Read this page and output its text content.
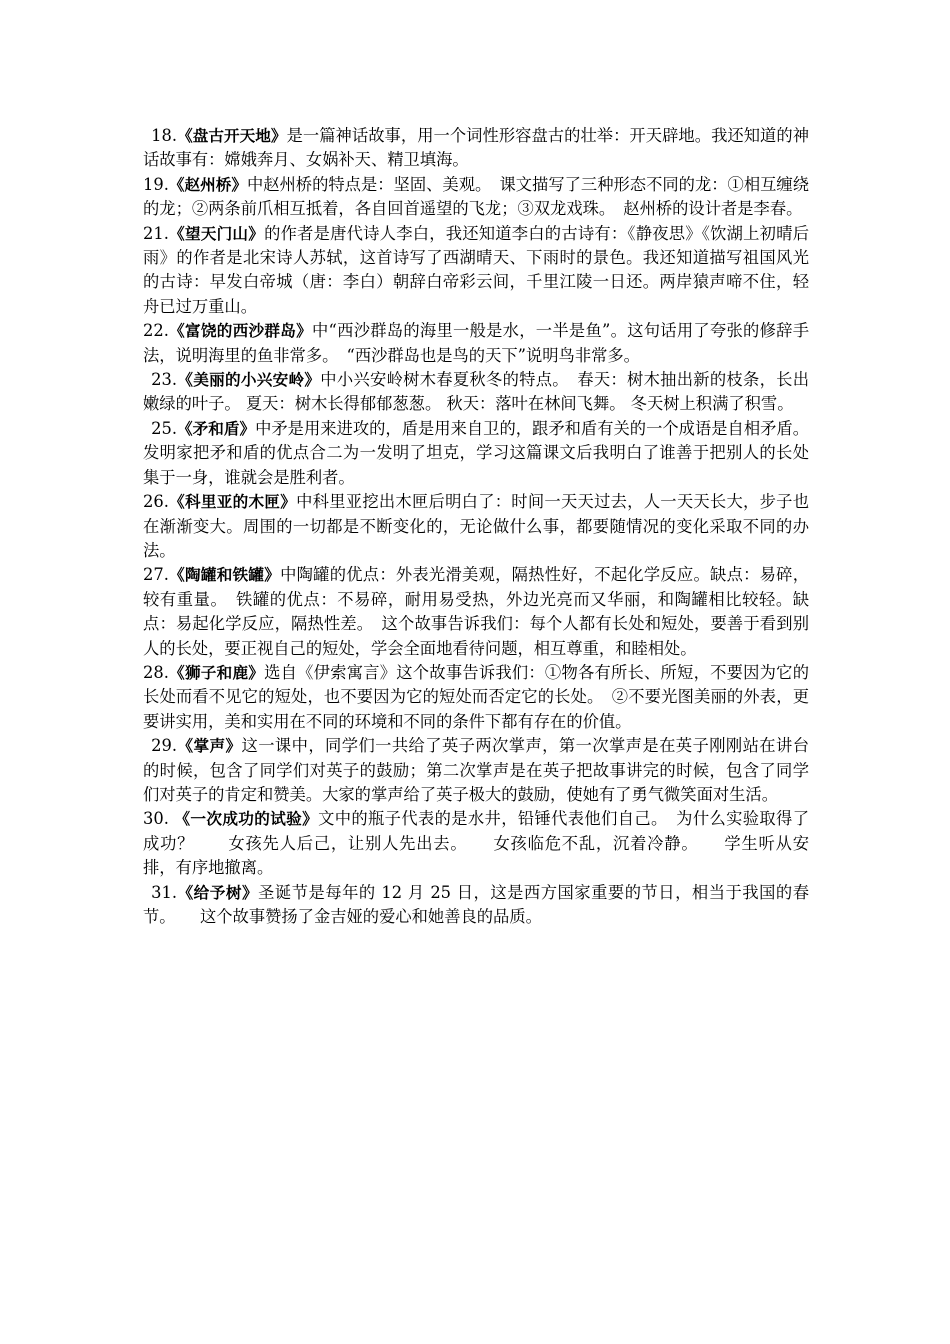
18.《盘古开天地》是一篇神话故事，用一个词性形容盘古的壮举：开天辟地。我还知道的神话故事有：嫦娥奔月、女娲补天、精卫填海。

19.《赵州桥》中赵州桥的特点是：坚固、美观。　课文描写了三种形态不同的龙：①相互缠绕的龙；②两条前爪相互抵着，各自回首遥望的飞龙；③双龙戏珠。　赵州桥的设计者是李春。

21.《望天门山》的作者是唐代诗人李白，我还知道李白的古诗有：《静夜思》《饮湖上初晴后雨》的作者是北宋诗人苏轼，这首诗写了西湖晴天、下雨时的景色。我还知道描写祖国风光的古诗：早发白帝城（唐：李白）朝辞白帝彩云间，千里江陵一日还。两岸猿声啼不住，轻舟已过万重山。

22.《富饶的西沙群岛》中“西沙群岛的海里一般是水，一半是鱼”。这句话用了夸张的修辞手法，说明海里的鱼非常多。　“西沙群岛也是鸟的天下”说明鸟非常多。

23.《美丽的小兴安岭》中小兴安岭树木春夏秋冬的特点。　春天：树木抽出新的枝条，长出嫩绿的叶子。 夏天：树木长得郁郁葱葱。 秋天：落叶在林间飞舞。 冬天树上积满了积雪。

25.《矛和盾》中矛是用来进攻的，盾是用来自卫的，跟矛和盾有关的一个成语是自相矛盾。发明家把矛和盾的优点合二为一发明了坦克，学习这篇课文后我明白了谁善于把别人的长处集于一身，谁就会是胜利者。

26.《科里亚的木匣》中科里亚挖出木匣后明白了：时间一天天过去，人一天天长大，步子也在渐渐变大。周围的一切都是不断变化的，无论做什么事，都要随情况的变化采取不同的办法。

27.《陶罐和铁罐》中陶罐的优点：外表光滑美观，隔热性好，不起化学反应。缺点：易碎，较有重量。　铁罐的优点：不易碎，耐用易受热，外边光亮而又华丽，和陶罐相比较轻。缺点：易起化学反应，隔热性差。　这个故事告诉我们：每个人都有长处和短处，要善于看到别人的长处，要正视自己的短处，学会全面地看待问题，相互尊重，和睦相处。

28.《狮子和鹿》选自《伊索寓言》这个故事告诉我们：①物各有所长、所短，不要因为它的长处而看不见它的短处，也不要因为它的短处而否定它的长处。　②不要光图美丽的外表，更要讲实用，美和实用在不同的环境和不同的条件下都有存在的价值。

29.《掌声》这一课中，同学们一共给了英子两次掌声，第一次掌声是在英子刚刚站在讲台的时候，包含了同学们对英子的鼓励；第二次掌声是在英子把故事讲完的时候，包含了同学们对英子的肯定和赞美。大家的掌声给了英子极大的鼓励，使她有了勇气微笑面对生活。

30. 《一次成功的试验》文中的瓶子代表的是水井，铅锤代表他们自己。　为什么实验取得了成功？　　女孩先人后己，让别人先出去。　　女孩临危不乱，沉着冷静。　　学生听从安排，有序地撤离。

31.《给予树》圣诞节是每年的 12 月 25 日，这是西方国家重要的节日，相当于我国的春节。　　这个故事赞扬了金吉娅的爱心和她善良的品质。
